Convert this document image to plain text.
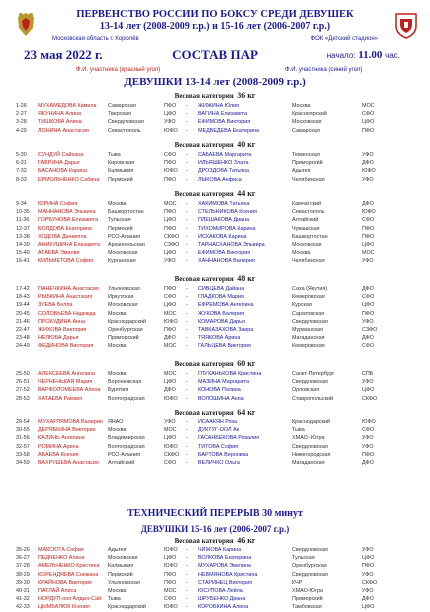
ПЕРВЕНСТВО РОССИИ ПО БОКСУ СРЕДИ ДЕВУШЕК
13-14 лет (2008-2009 г.р.) и 15-16 лет (2006-2007 г.р.)
Московская область г. Королёв	ФОК «Детский стадион»
23 мая 2022 г.	СОСТАВ ПАР	начало: 11.00 час.
Ф.И. участника (красный угол)	Ф.И. участника (синий угол)
ДЕВУШКИ 13-14 лет (2008-2009 г.р.)
Весовая категория 36 кг
1-26	МУХАМЕДОВА Камила	Самарская	ПФО	-	ЖИЖИНА Юлия	Москва	МОС
2-27	ЯКУНИНА Алина	Тверская	ЦФО	-	ВАГИНА Елизавета	Красноярский	СФО
3-28	ТИШКОВА Алина	Свердловская	УФО	-	ЕФИМОВА Виктория	Московская	ЦФО
4-29	ЛОНИНА Анастасия	Севастополь	ЮФО	-	МЕДВЕДЕВА Екатерина	Самарская	ПФО
Весовая категория 40 кг
5-30	СУНДУЙ Сайхана	Тыва	СФО	-	САБАЕВА Маргарита	Тюменская	УФО
6-31	ГАВРИНА Дарья	Кировская	ПФО	-	ИЛЬЯШЕНКО Злата	Приморский	ДФО
7-32	БАСАНОВА Карина	Калмыкия	ЮФО	-	ДРОЗДОВА Татьяна	Адыгея	ЮФО
8-33	ЕРМОЛЬЧЕНКО Сабина	Пермский	ПФО	-	ЛЫКОВА Анфиса	Челябинская	УФО
Весовая категория 44 кг
9-34	ЮРИНА София	Москва	МОС	-	ХАКИМОВА Татьяна	Камчатский	ДФО
10-35	МАННАНОВА Эльвина	Башкортостан	ПФО	-	СТЕЛЬНИКОВА Ксения	Севастополь	ЮФО
11-36	ГОРБУНОВА Елизавета	Тульская	ЦФО	-	ПЛЕШАКОВА Диана	Алтайский	СФО
12-37	БОЛДОВА Екатерина	Пермский	ПФО	-	ТИХОМИРОВА Карина	Чувашская	ПФО
13-38	ХОДОВА Даниелла	РСО-Алания	СКФО	-	ИСХАКОВА Карина	Башкортостан	ПФО
14-39	АНИКУШИНА Елизавета	Архангельская	СЗФО	-	ТАРНАСХАНОВА Эльвира	Московская	ЦФО
15-40	АТАЕВА Эмилия	Московская	ЦФО	-	ЕФИМОВА Виктория	Москва	МОС
16-41	КИЛЬМЕТОВА София	Курганская	УФО	-	ХАННАНОВА Валерия	Челябинская	УФО
Весовая категория 48 кг
17-42	ПАНЕЧКИНА Анастасия	Ульяновская	ПФО	-	СИВЦЕВА Дайана	Саха (Якутия)	ДФО
18-43	РЫБКИНА Анастасия	Иркутская	СФО	-	ГЛАДКОВА Мария	Кемеровская	СФО
19-44	ЗУЕВА Белла	Московская	ЦФО	-	ЕФРЕМОВА Ангелина	Курская	ЦФО
20-45	СОЛОВЬЕВА Надежда	Москва	МОС	-	ЖУКОВА Валерия	Саратовская	ПФО
21-46	ПРОКУДИНА Анна	Краснодарский	ЮФО	-	КОМАРОВА Дарья	Свердловская	УФО
22-47	ЖИХОВА Виктория	Оренбургская	ПФО	-	ТАВКАЗАХОВА Заира	Мурманская	СЗФО
23-48	НЕЛЮБА Дарья	Приморский	ДФО	-	ТЯЯКОВА Арина	Магаданская	ДФО
24-49	ФЕДИНОВА Виктория	Москва	МОС	-	ГАЛЬЦЕВА Виктория	Кемеровская	СФО
Весовая категория 60 кг
25-50	АЛЕКСЕЕВА Ангелина	Москва	МОС	-	ГЛУХАНЬКОВА Кристина	Санкт-Петербург	СПБ
26-51	ЧЕРНЕНЬКАЯ Мария	Воронежская	ЦФО	-	МАЗИНА Маргарита	Свердловская	УФО
27-52	ВАРФОЛОМЕЕВА Алена	Бурятия	ДФО	-	КОНОВА Полина	Орловская	ЦФО
28-53	ХАТАЕВА Рамзия	Волгоградская	ЮФО	-	ВОЛОШИНА Анна	Ставропольский	СКФО
Весовая категория 64 кг
29-54	МУХАРЛЯМОВА Валерия ЯНАО	УФО	-	ИСААКЯН Роза	Краснодарский	ЮФО
30-55	ДЕРЯБКИНА Виктория	Москва	МОС	-	ДУКТУГ-ООЛ Ак	Тыва	СФО
31-56	КАЛИНЬ Ангелина	Владимирская	ЦФО	-	ГАСАНБЕКОВА Розалия	ХМАО -Югра	УФО
32-57	РОМИНА Арина	Волгоградская	ЮФО	-	ТИТОВА София	Свердловская	УФО
33-58	АБАЕВА Ксения	РСО-Алания	СКФО	-	БАРТОВА Вероника	Нижегородская	ПФО
34-59	ВАХРУШЕВА Анастасия	Алтайский	СФО	-	ВЕЛИЧКО Ольга	Магаданская	ДФО
ДЕВУШКИ 15-16 лет (2006-2007 г.р.)
Весовая категория 46 кг
35-26	МАКСЮТА София	Адыгея	ЮФО	-	ЧИЖОВА Карина	Свердловская	УФО
36-27	ПЕДЧЕНКО Алина	Московская	ЦФО	-	ВОЛКОВА Екатерина	Тульская	ЦФО
37-28	АМЕЛЬЧЕНКО Кристина	Калмыкия	ЮФО	-	МУХАРОВА Эвелина	Оренбургская	ПФО
38-29	КОРЕНДЯЕВА Снежана	Пермский	ПФО	-	НЕВМЯНОВА Кристина	Свердловская	УФО
39-30	КРАЙНОВА Виктория	Ульяновская	ПФО	-	СТАРИНЕЦ Виктория	КЧР	СКФО
40-31	ПАТЛАЙ Алиса	Москва	МОС	-	ЮСУПОВА Лейла	ХМАО-Югра	УФО
41-32	НОРДУП-оол Алдын-Сай	Тыва	СФО	-	ШРУБЕНКО Диана	Приморский	ДФО
42-33	ЦЫМБАЛЮК Ксения	Краснодарский	ЮФО	-	КОРОБКИНА Алина	Тамбовская	ЦФО
ТЕХНИЧЕСКИЙ ПЕРЕРЫВ 30 минут
